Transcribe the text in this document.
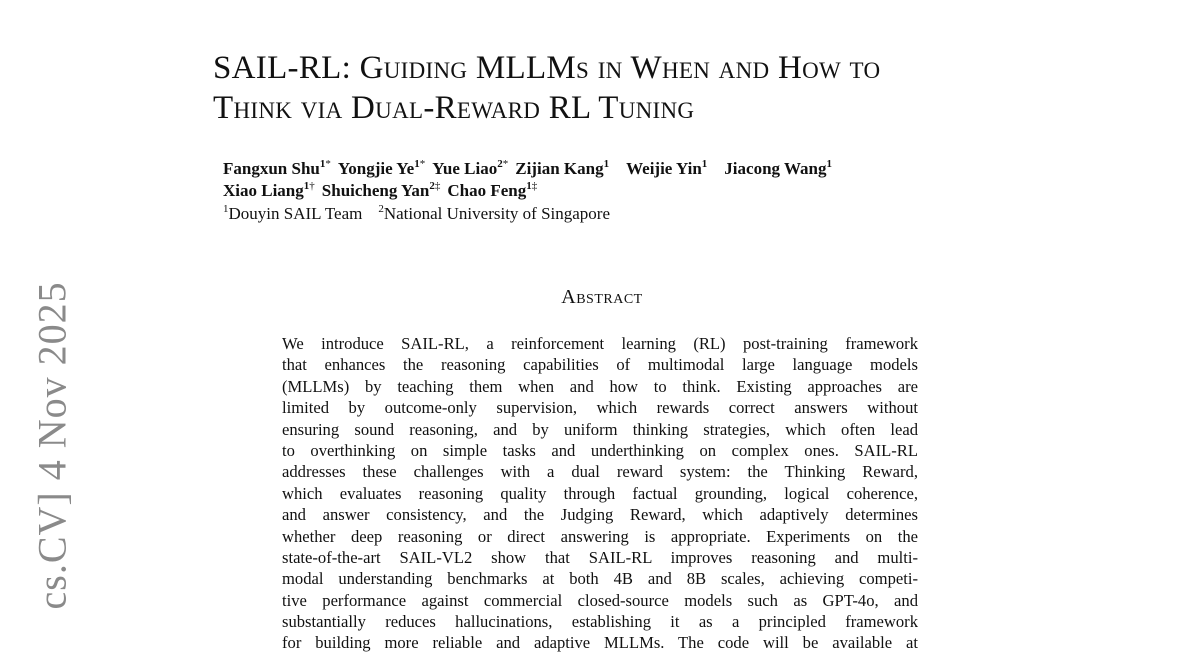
cs.CV] 4 Nov 2025
SAIL-RL: Guiding MLLMs in When and How to
Think via Dual-Reward RL Tuning
Fangxun Shu$^{1*}$ Yongjie $Ye^{1*}$ Yue Liao$^{2*}$ Zijian Kang$^1$ Weijie Yin$^1$ Jiacong Wang$^1$
Xiao Liang$^{1\dagger}$ Shuicheng Yan$^{2\ddagger}$ Chao Feng$^{1\ddagger}$
$^1$Douyin SAIL Team $^2$National University of Singapore
Abstract
We introduce SAIL-RL, a reinforcement learning (RL) post-training framework
that enhances the reasoning capabilities of multimodal large language models
(MLLMs) by teaching them when and how to think. Existing approaches are
limited by outcome-only supervision, which rewards correct answers without
ensuring sound reasoning, and by uniform thinking strategies, which often lead
to overthinking on simple tasks and underthinking on complex ones. SAIL-RL
addresses these challenges with a dual reward system: the Thinking Reward,
which evaluates reasoning quality through factual grounding, logical coherence,
and answer consistency, and the Judging Reward, which adaptively determines
whether deep reasoning or direct answering is appropriate. Experiments on the
state-of-the-art SAIL-VL2 show that SAIL-RL improves reasoning and multi-
modal understanding benchmarks at both 4B and 8B scales, achieving competi-
tive performance against commercial closed-source models such as GPT-4o, and
substantially reduces hallucinations, establishing it as a principled framework
for building more reliable and adaptive MLLMs. The code will be available at
